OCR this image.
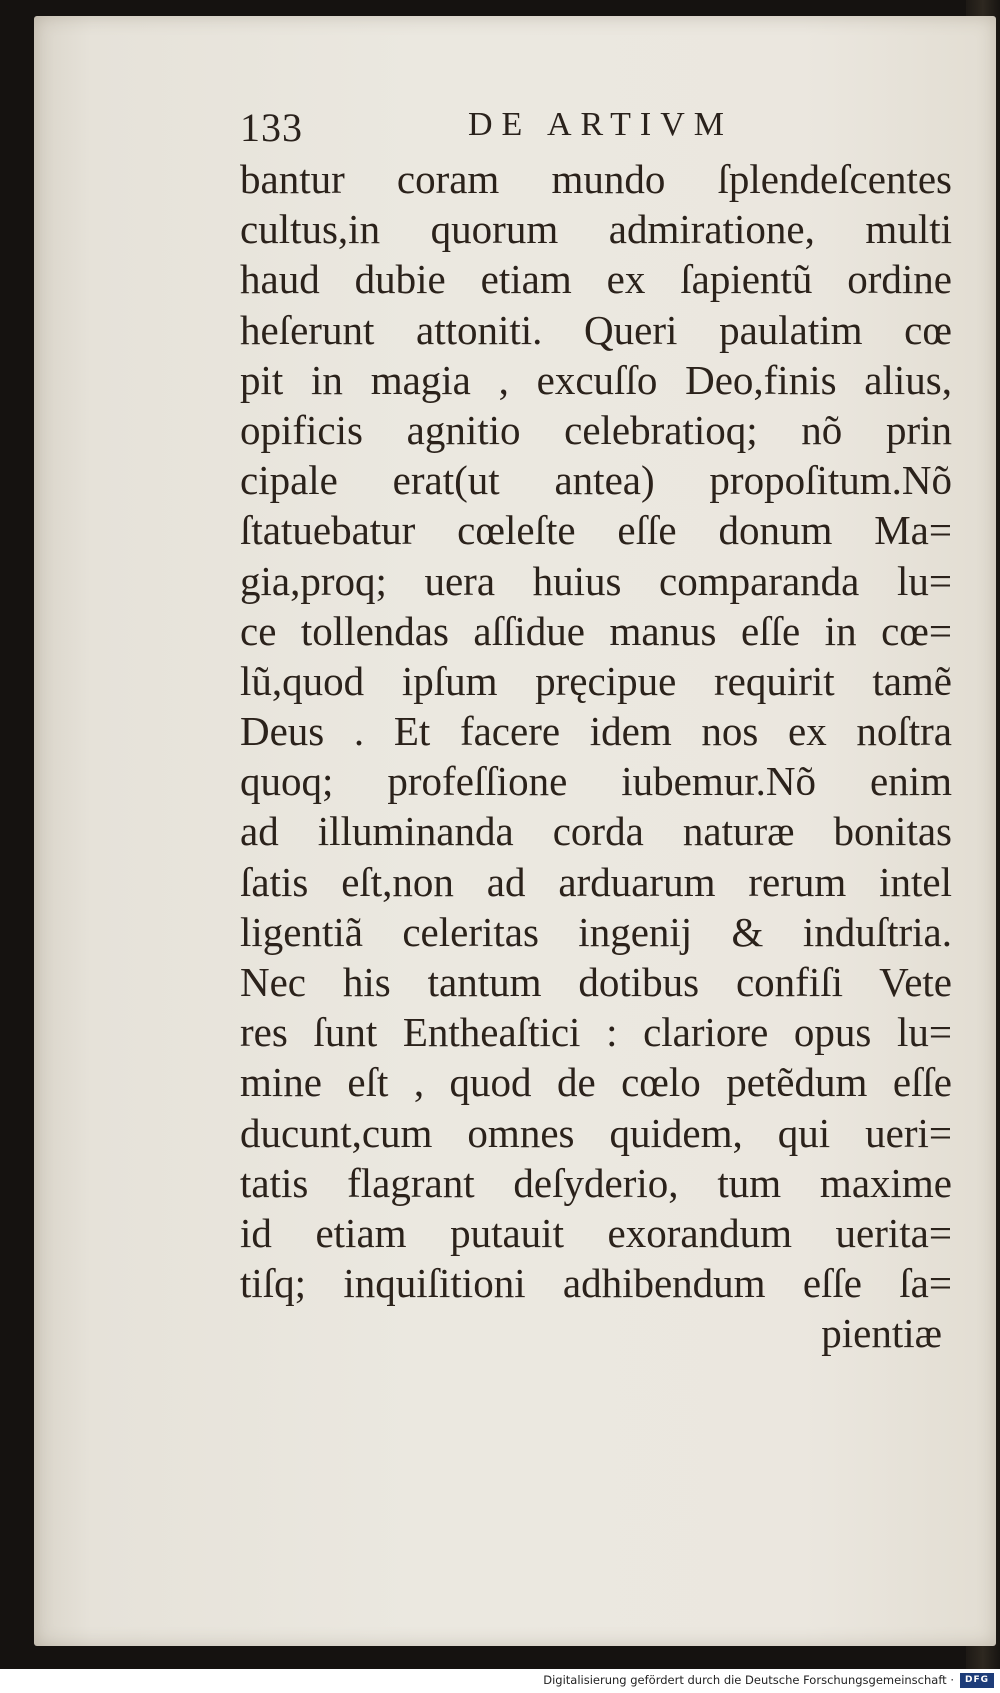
133	DE ARTIVM
bantur coram mundo ſplendeſcentes
cultus,in quorum admiratione, multi
haud dubie etiam ex ſapientũ ordine
heſerunt attoniti. Queri paulatim cœ
pit in magia , excuſſo Deo,finis alius,
opificis agnitio celebratioq; nõ prin
cipale erat(ut antea) propoſitum.Nõ
ſtatuebatur cœleſte eſſe donum Ma=
gia,proq; uera huius comparanda lu=
ce tollendas aſſidue manus eſſe in cœ=
lũ,quod ipſum pręcipue requirit tamẽ
Deus . Et facere idem nos ex noſtra
quoq; profeſſione iubemur.Nõ enim
ad illuminanda corda naturæ bonitas
ſatis eſt,non ad arduarum rerum intel
ligentiã celeritas ingenij & induſtria.
Nec his tantum dotibus confiſi Vete
res ſunt Entheaſtici : clariore opus lu=
mine eſt , quod de cœlo petẽdum eſſe
ducunt,cum omnes quidem, qui ueri=
tatis flagrant deſyderio, tum maxime
id etiam putauit exorandum uerita=
tiſq; inquiſitioni adhibendum eſſe ſa=
pientiæ
Digitalisierung gefördert durch die Deutsche Forschungsgemeinschaft ·	DFG
